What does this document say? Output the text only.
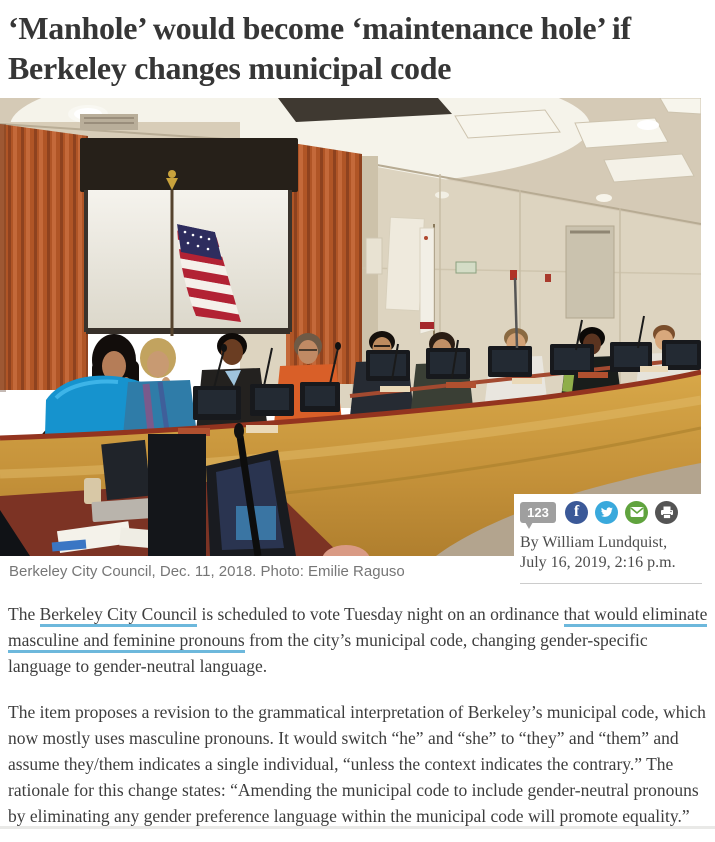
‘Manhole’ would become ‘maintenance hole’ if Berkeley changes municipal code
123	f
By William Lundquist,
July 16, 2019, 2:16 p.m.
Berkeley City Council, Dec. 11, 2018. Photo: Emilie Raguso

The Berkeley City Council is scheduled to vote Tuesday night on an ordinance that would eliminate masculine and feminine pronouns from the city’s municipal code, changing gender-specific language to gender-neutral language.

The item proposes a revision to the grammatical interpretation of Berkeley’s municipal code, which now mostly uses masculine pronouns. It would switch “he” and “she” to “they” and “them” and assume they/them indicates a single individual, “unless the context indicates the contrary.” The rationale for this change states: “Amending the municipal code to include gender-neutral pronouns by eliminating any gender preference language within the municipal code will promote equality.”
